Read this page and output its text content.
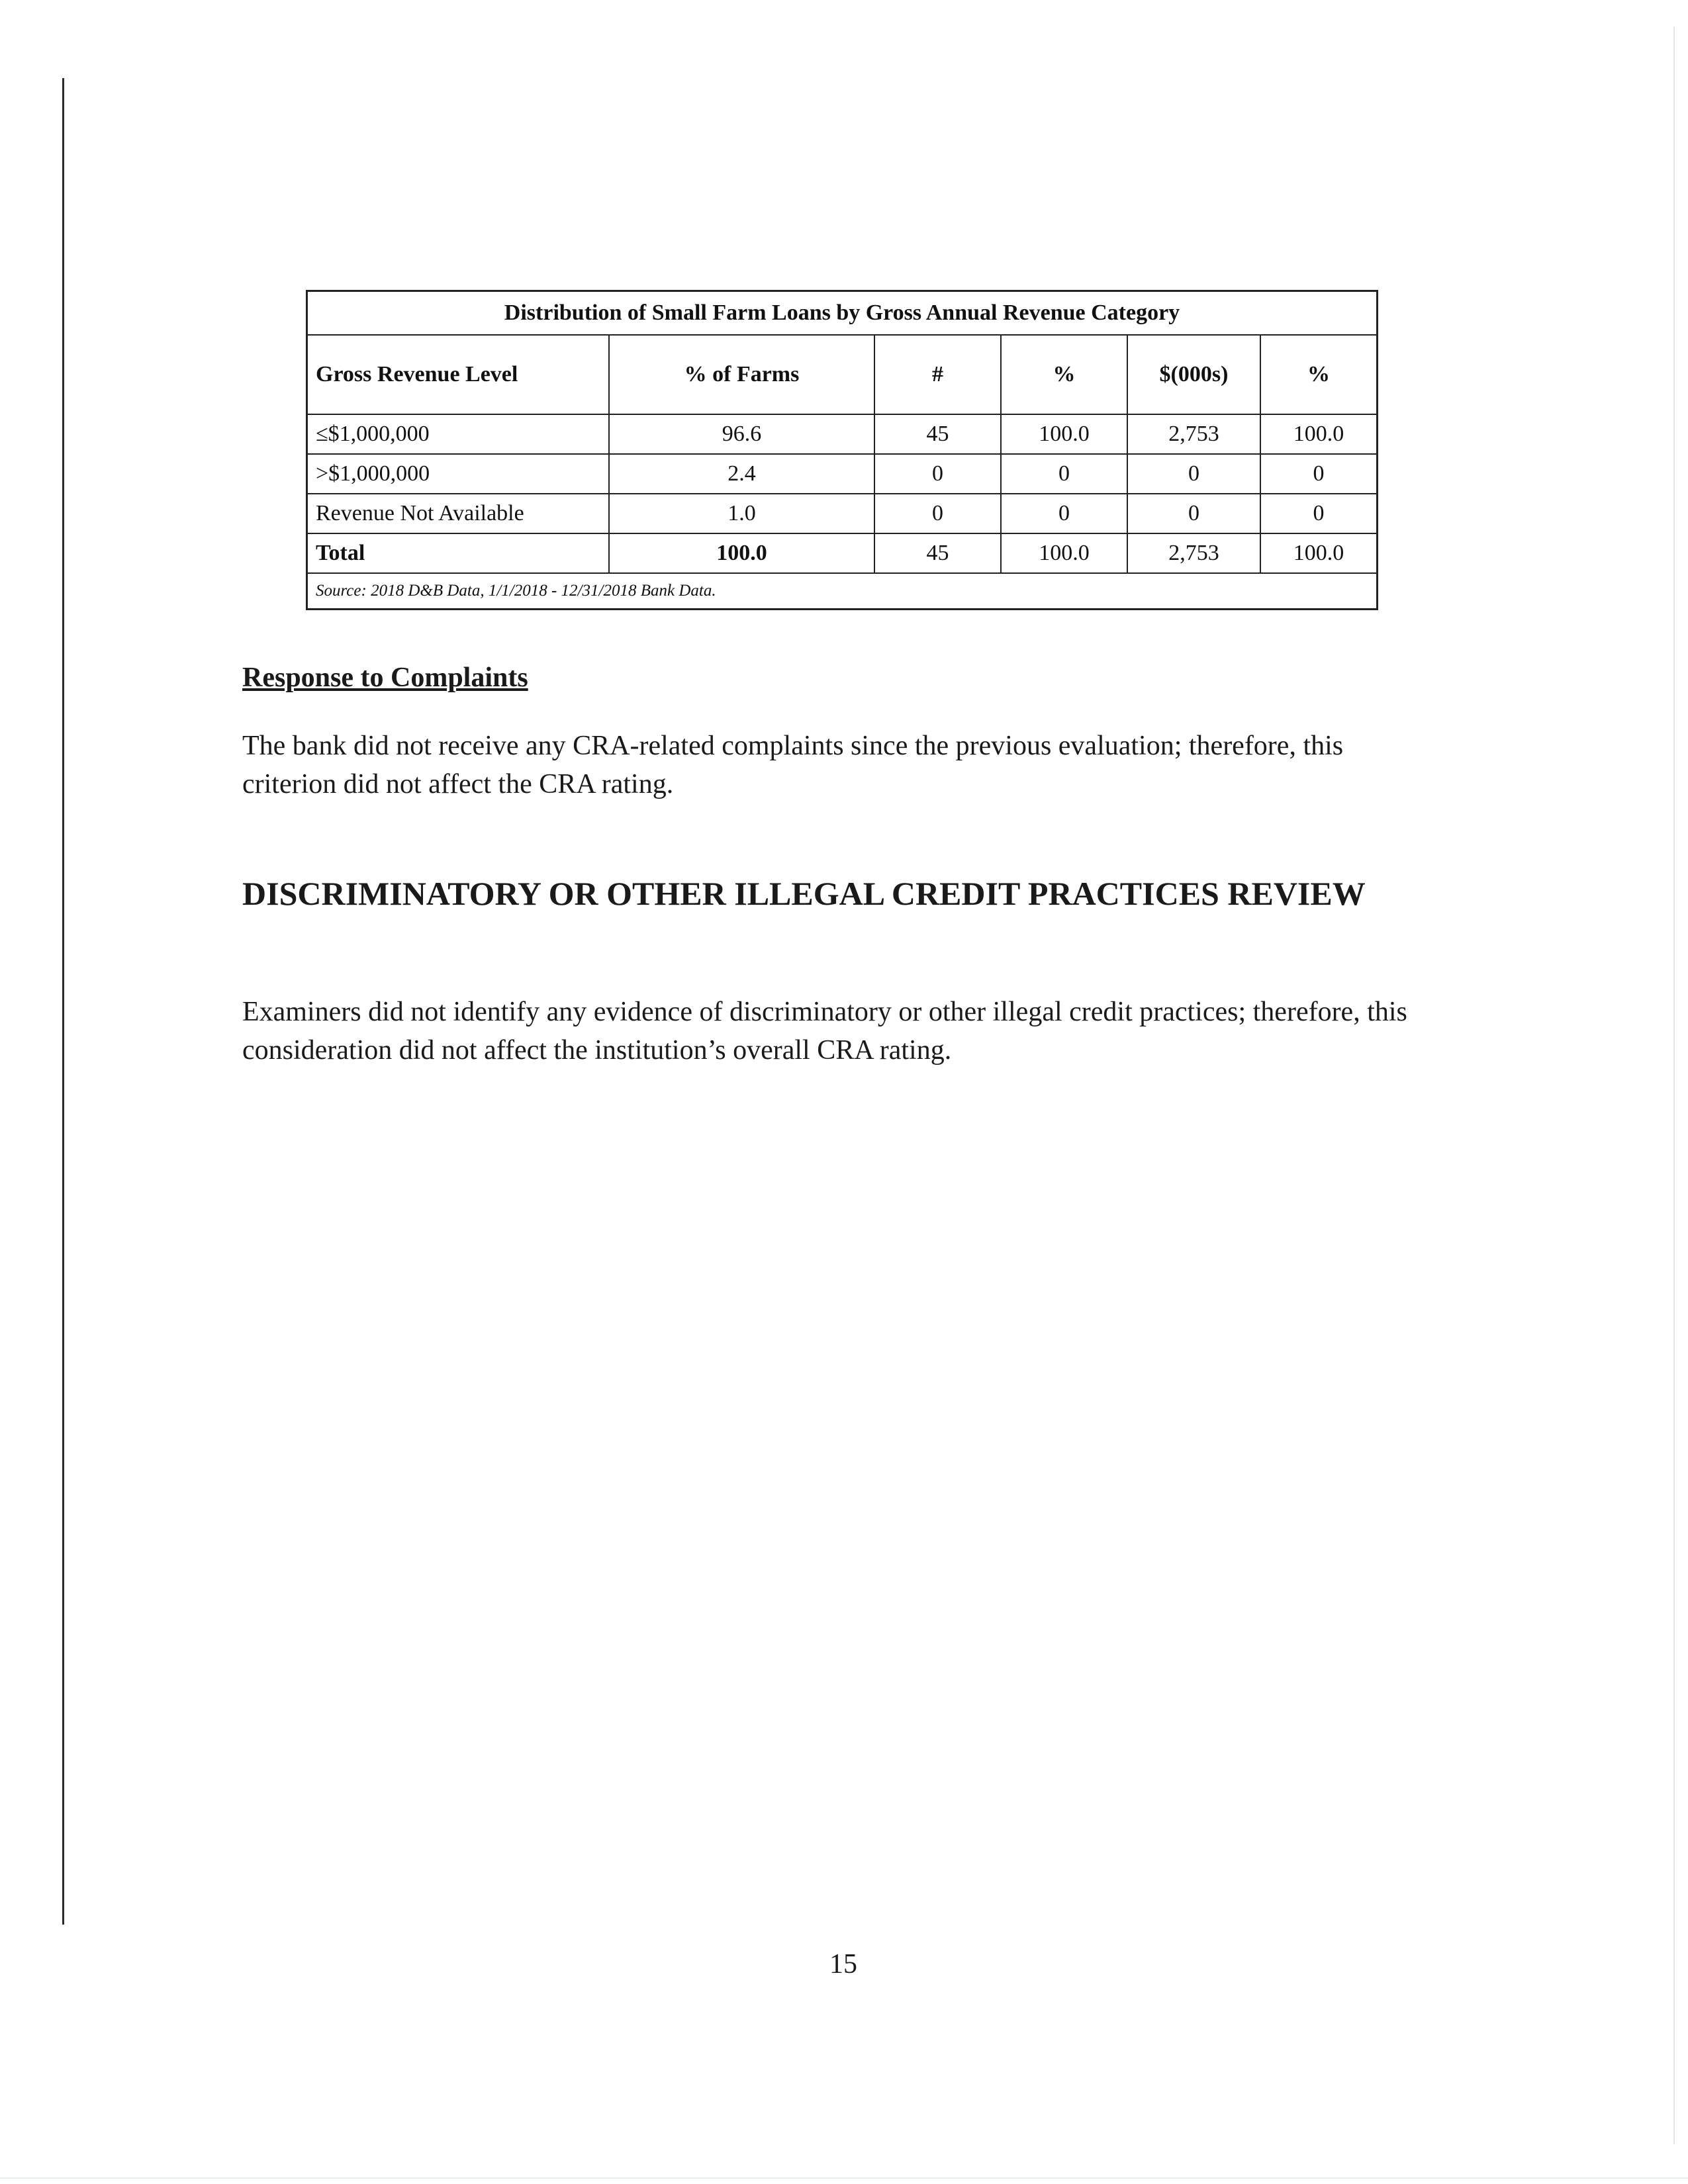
Distribution of Small Farm Loans by Gross Annual Revenue Category					
Gross Revenue Level	% of Farms	#	%	$(000s)	%
≤$1,000,000	96.6	45	100.0	2,753	100.0
>$1,000,000	2.4	0	0	0	0
Revenue Not Available	1.0	0	0	0	0
Total	100.0	45	100.0	2,753	100.0
Source: 2018 D&B Data, 1/1/2018 - 12/31/2018 Bank Data.					
Response to Complaints

The bank did not receive any CRA-related complaints since the previous evaluation; therefore, this criterion did not affect the CRA rating.

DISCRIMINATORY OR OTHER ILLEGAL CREDIT PRACTICES REVIEW

Examiners did not identify any evidence of discriminatory or other illegal credit practices; therefore, this consideration did not affect the institution’s overall CRA rating.

15
